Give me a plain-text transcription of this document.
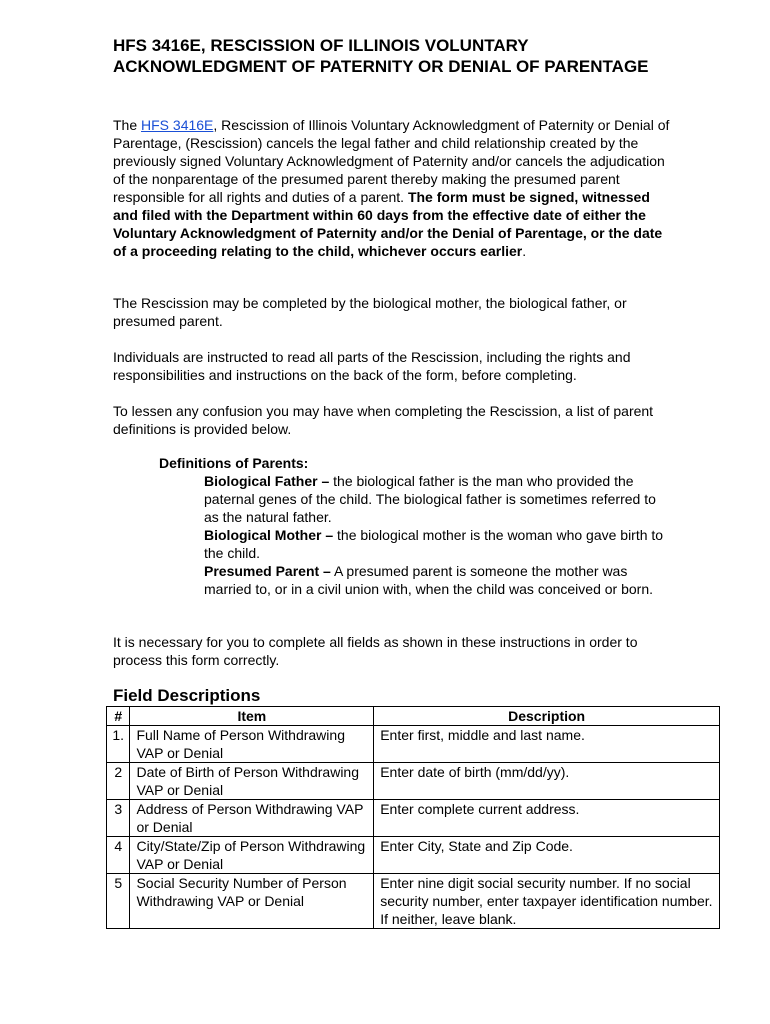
HFS 3416E, RESCISSION OF ILLINOIS VOLUNTARY ACKNOWLEDGMENT OF PATERNITY OR DENIAL OF PARENTAGE

The HFS 3416E, Rescission of Illinois Voluntary Acknowledgment of Paternity or Denial of Parentage, (Rescission) cancels the legal father and child relationship created by the previously signed Voluntary Acknowledgment of Paternity and/or cancels the adjudication of the nonparentage of the presumed parent thereby making the presumed parent responsible for all rights and duties of a parent. The form must be signed, witnessed and filed with the Department within 60 days from the effective date of either the Voluntary Acknowledgment of Paternity and/or the Denial of Parentage, or the date of a proceeding relating to the child, whichever occurs earlier.

The Rescission may be completed by the biological mother, the biological father, or presumed parent.

Individuals are instructed to read all parts of the Rescission, including the rights and responsibilities and instructions on the back of the form, before completing.

To lessen any confusion you may have when completing the Rescission, a list of parent definitions is provided below.

Definitions of Parents:

Biological Father – the biological father is the man who provided the paternal genes of the child. The biological father is sometimes referred to as the natural father.

Biological Mother – the biological mother is the woman who gave birth to the child.

Presumed Parent – A presumed parent is someone the mother was married to, or in a civil union with, when the child was conceived or born.

It is necessary for you to complete all fields as shown in these instructions in order to process this form correctly.

Field Descriptions
#	Item	Description
1.	Full Name of Person Withdrawing VAP or Denial	Enter first, middle and last name.
2	Date of Birth of Person Withdrawing VAP or Denial	Enter date of birth (mm/dd/yy).
3	Address of Person Withdrawing VAP or Denial	Enter complete current address.
4	City/State/Zip of Person Withdrawing VAP or Denial	Enter City, State and Zip Code.
5	Social Security Number of Person Withdrawing VAP or Denial	Enter nine digit social security number. If no social security number, enter taxpayer identification number. If neither, leave blank.
